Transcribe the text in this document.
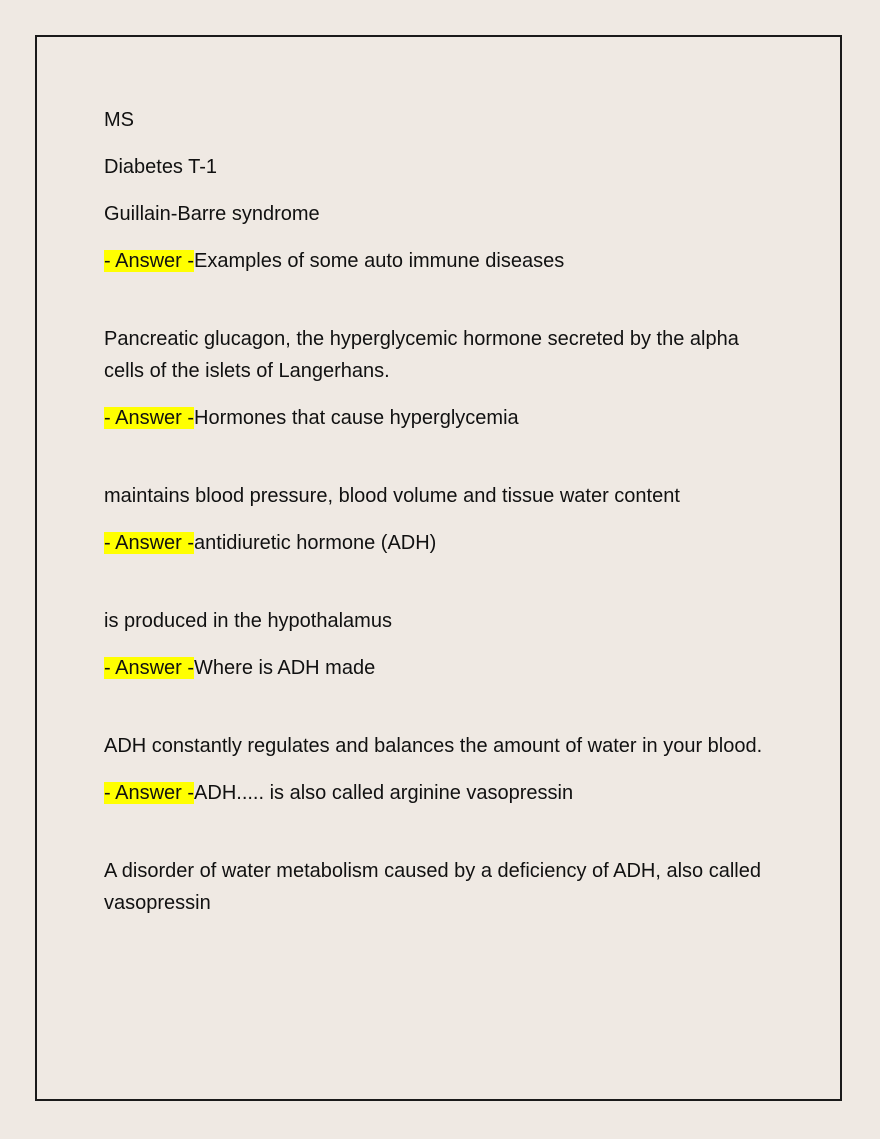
MS

Diabetes T-1

Guillain-Barre syndrome

- Answer -Examples of some auto immune diseases

Pancreatic glucagon, the hyperglycemic hormone secreted by the alpha cells of the islets of Langerhans.

- Answer -Hormones that cause hyperglycemia

maintains blood pressure, blood volume and tissue water content

- Answer -antidiuretic hormone (ADH)

is produced in the hypothalamus

- Answer -Where is ADH made

ADH constantly regulates and balances the amount of water in your blood.

- Answer -ADH..... is also called arginine vasopressin

A disorder of water metabolism caused by a deficiency of ADH, also called vasopressin
